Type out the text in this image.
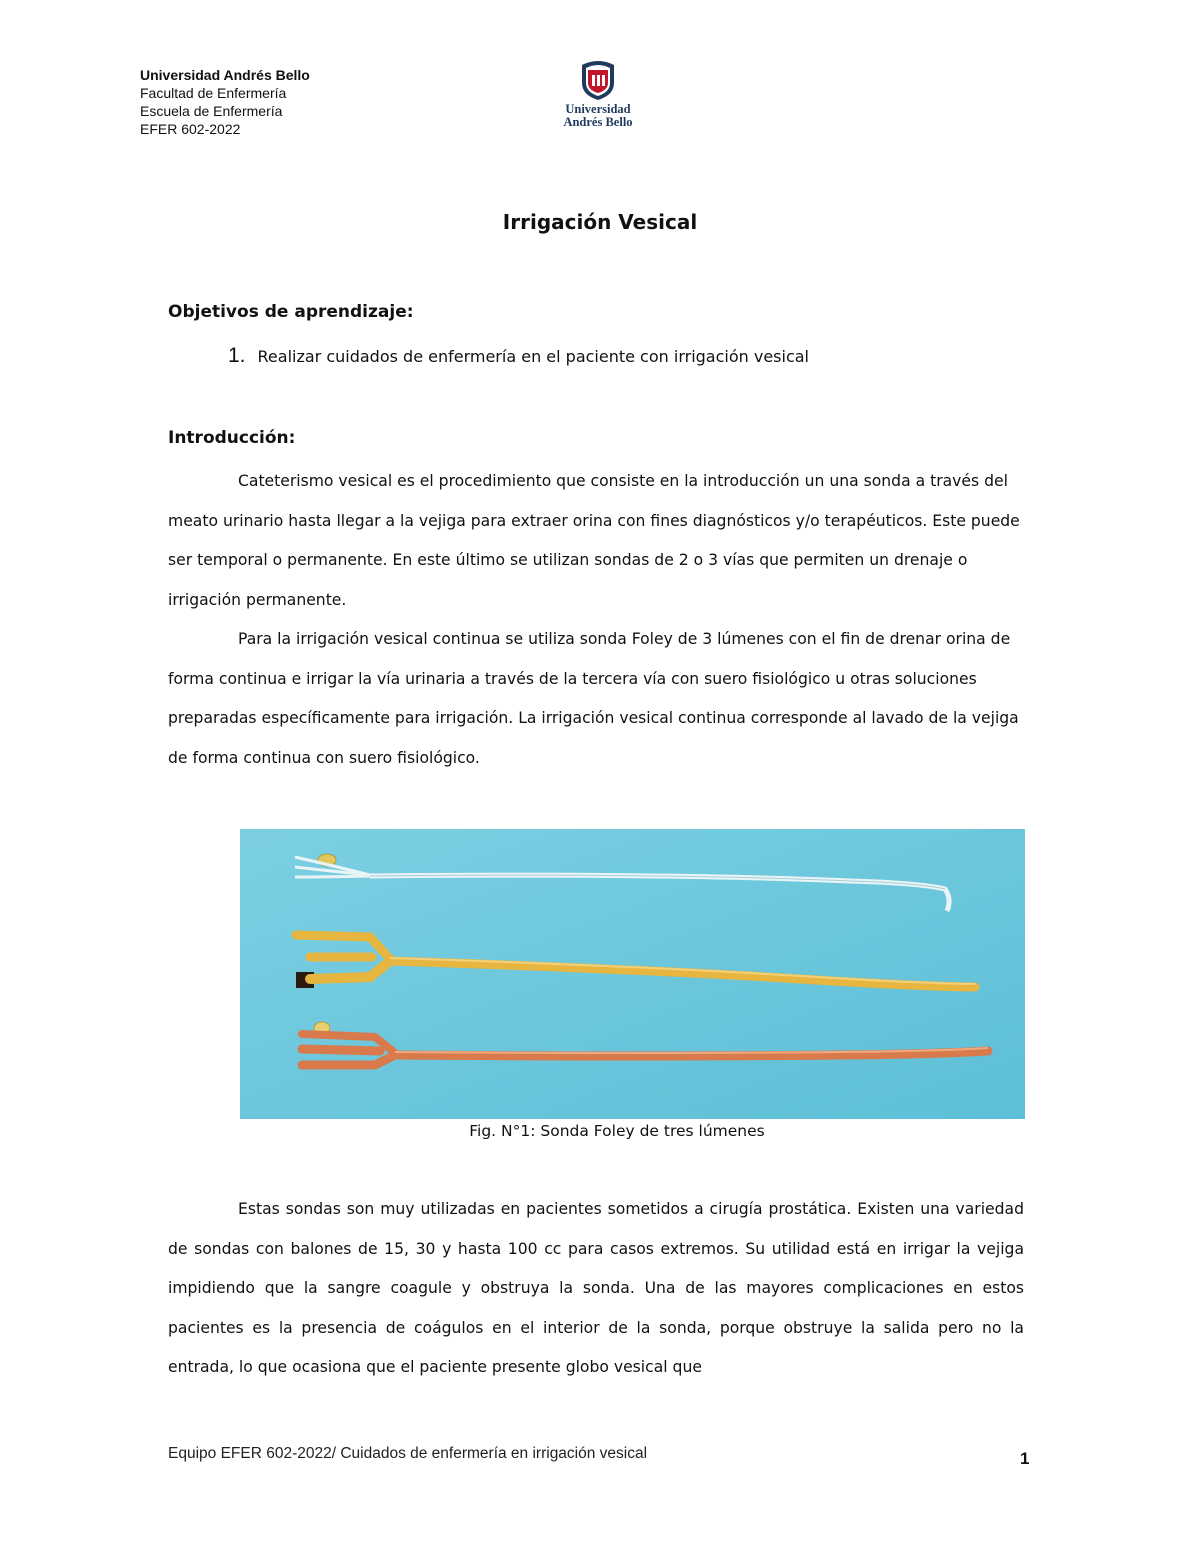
Universidad Andrés Bello
Facultad de Enfermería
Escuela de Enfermería
EFER 602-2022
Universidad
Andrés Bello
Irrigación Vesical
Objetivos de aprendizaje:
1. Realizar cuidados de enfermería en el paciente con irrigación vesical
Introducción:

Cateterismo vesical es el procedimiento que consiste en la introducción un una sonda a través del meato urinario hasta llegar a la vejiga para extraer orina con fines diagnósticos y/o terapéuticos. Este puede ser temporal o permanente. En este último se utilizan sondas de 2 o 3 vías que permiten un drenaje o irrigación permanente.

Para la irrigación vesical continua se utiliza sonda Foley de 3 lúmenes con el fin de drenar orina de forma continua e irrigar la vía urinaria a través de la tercera vía con suero fisiológico u otras soluciones preparadas específicamente para irrigación. La irrigación vesical continua corresponde al lavado de la vejiga de forma continua con suero fisiológico.

Fig. N°1: Sonda Foley de tres lúmenes

Estas sondas son muy utilizadas en pacientes sometidos a cirugía prostática. Existen una variedad de sondas con balones de 15, 30 y hasta 100 cc para casos extremos. Su utilidad está en irrigar la vejiga impidiendo que la sangre coagule y obstruya la sonda. Una de las mayores complicaciones en estos pacientes es la presencia de coágulos en el interior de la sonda, porque obstruye la salida pero no la entrada, lo que ocasiona que el paciente presente globo vesical que

Equipo EFER 602-2022/ Cuidados de enfermería en irrigación vesical	1
